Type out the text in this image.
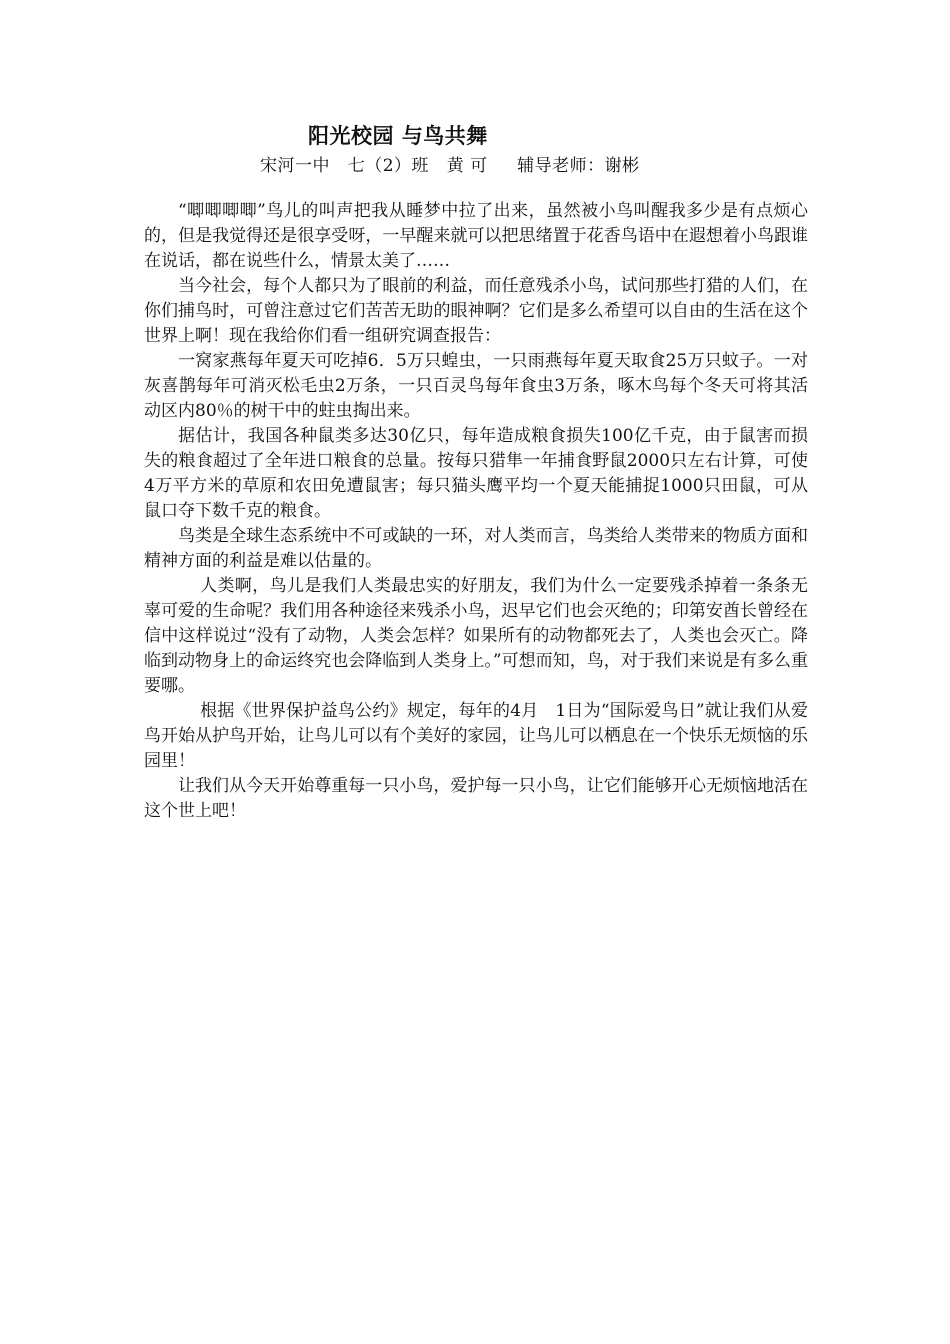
阳光校园 与鸟共舞
宋河一中   七（2）班   黄 可     辅导老师：谢彬

“唧唧唧唧”鸟儿的叫声把我从睡梦中拉了出来，虽然被小鸟叫醒我多少是有点烦心的，但是我觉得还是很享受呀，一早醒来就可以把思绪置于花香鸟语中在遐想着小鸟跟谁在说话，都在说些什么，情景太美了……

当今社会，每个人都只为了眼前的利益，而任意残杀小鸟，试问那些打猎的人们，在你们捕鸟时，可曾注意过它们苦苦无助的眼神啊？它们是多么希望可以自由的生活在这个世界上啊！现在我给你们看一组研究调查报告：

一窝家燕每年夏天可吃掉6．5万只蝗虫，一只雨燕每年夏天取食25万只蚊子。一对灰喜鹊每年可消灭松毛虫2万条，一只百灵鸟每年食虫3万条，啄木鸟每个冬天可将其活动区内80％的树干中的蛀虫掏出来。

据估计，我国各种鼠类多达30亿只，每年造成粮食损失100亿千克，由于鼠害而损失的粮食超过了全年进口粮食的总量。按每只猎隼一年捕食野鼠2000只左右计算，可使4万平方米的草原和农田免遭鼠害；每只猫头鹰平均一个夏天能捕捉1000只田鼠，可从鼠口夺下数千克的粮食。

鸟类是全球生态系统中不可或缺的一环，对人类而言，鸟类给人类带来的物质方面和精神方面的利益是难以估量的。

人类啊，鸟儿是我们人类最忠实的好朋友，我们为什么一定要残杀掉着一条条无辜可爱的生命呢？我们用各种途径来残杀小鸟，迟早它们也会灭绝的；印第安酋长曾经在信中这样说过“没有了动物，人类会怎样？如果所有的动物都死去了，人类也会灭亡。降临到动物身上的命运终究也会降临到人类身上。”可想而知，鸟，对于我们来说是有多么重要哪。

根据《世界保护益鸟公约》规定，每年的4月   1日为“国际爱鸟日”就让我们从爱鸟开始从护鸟开始，让鸟儿可以有个美好的家园，让鸟儿可以栖息在一个快乐无烦恼的乐园里！

让我们从今天开始尊重每一只小鸟，爱护每一只小鸟，让它们能够开心无烦恼地活在这个世上吧！
